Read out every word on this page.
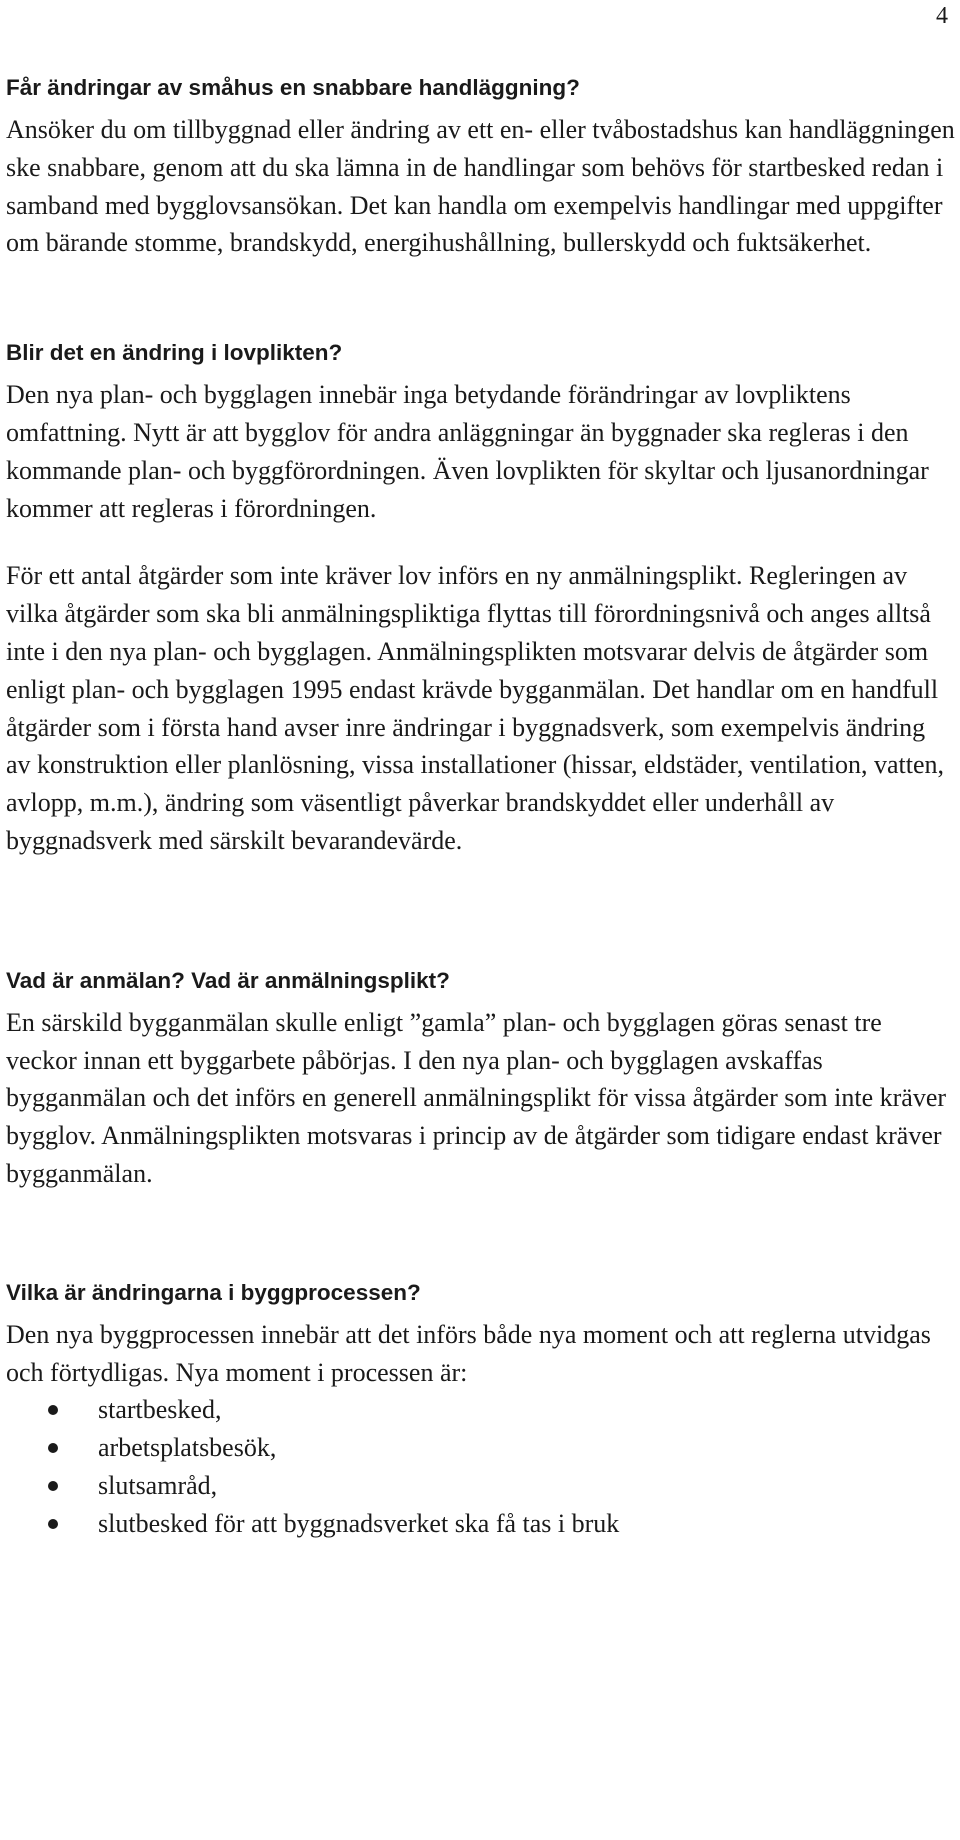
4
Får ändringar av småhus en snabbare handläggning?

Ansöker du om tillbyggnad eller ändring av ett en- eller tvåbostadshus kan handläggningen ske snabbare, genom att du ska lämna in de handlingar som behövs för startbesked redan i samband med bygglovsansökan. Det kan handla om exempelvis handlingar med uppgifter om bärande stomme, brandskydd, energihushållning, bullerskydd och fuktsäkerhet.

Blir det en ändring i lovplikten?

Den nya plan- och bygglagen innebär inga betydande förändringar av lovpliktens omfattning. Nytt är att bygglov för andra anläggningar än byggnader ska regleras i den kommande plan- och byggförordningen. Även lovplikten för skyltar och ljusanordningar kommer att regleras i förordningen.

För ett antal åtgärder som inte kräver lov införs en ny anmälningsplikt. Regleringen av vilka åtgärder som ska bli anmälningspliktiga flyttas till förordningsnivå och anges alltså inte i den nya plan- och bygglagen. Anmälningsplikten motsvarar delvis de åtgärder som enligt plan- och bygglagen 1995 endast krävde bygganmälan. Det handlar om en handfull åtgärder som i första hand avser inre ändringar i byggnadsverk, som exempelvis ändring av konstruktion eller planlösning, vissa installationer (hissar, eldstäder, ventilation, vatten, avlopp, m.m.), ändring som väsentligt påverkar brandskyddet eller underhåll av byggnadsverk med särskilt bevarandevärde.

Vad är anmälan? Vad är anmälningsplikt?

En särskild bygganmälan skulle enligt ”gamla” plan- och bygglagen göras senast tre veckor innan ett byggarbete påbörjas. I den nya plan- och bygglagen avskaffas bygganmälan och det införs en generell anmälningsplikt för vissa åtgärder som inte kräver bygglov. Anmälningsplikten motsvaras i princip av de åtgärder som tidigare endast kräver bygganmälan.

Vilka är ändringarna i byggprocessen?

Den nya byggprocessen innebär att det införs både nya moment och att reglerna utvidgas och förtydligas. Nya moment i processen är:

startbesked,
arbetsplatsbesök,
slutsamråd,
slutbesked för att byggnadsverket ska få tas i bruk
